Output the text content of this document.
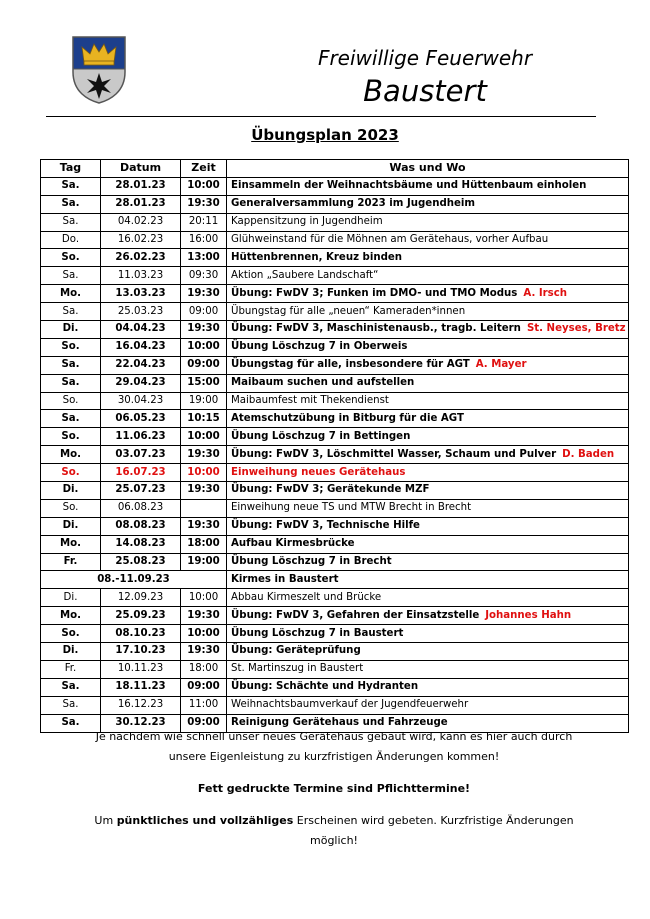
Freiwillige Feuerwehr
Baustert
Übungsplan 2023
Tag	Datum	Zeit	Was und Wo
Sa.	28.01.23	10:00	Einsammeln der Weihnachtsbäume und Hüttenbaum einholen
Sa.	28.01.23	19:30	Generalversammlung 2023 im Jugendheim
Sa.	04.02.23	20:11	Kappensitzung in Jugendheim
Do.	16.02.23	16:00	Glühweinstand für die Möhnen am Gerätehaus, vorher Aufbau
So.	26.02.23	13:00	Hüttenbrennen, Kreuz binden
Sa.	11.03.23	09:30	Aktion „Saubere Landschaft“
Mo.	13.03.23	19:30	Übung: FwDV 3; Funken im DMO- und TMO Modus A. Irsch
Sa.	25.03.23	09:00	Übungstag für alle „neuen“ Kameraden*innen
Di.	04.04.23	19:30	Übung: FwDV 3, Maschinistenausb., tragb. Leitern St. Neyses, Bretz
So.	16.04.23	10:00	Übung Löschzug 7 in Oberweis
Sa.	22.04.23	09:00	Übungstag für alle, insbesondere für AGT A. Mayer
Sa.	29.04.23	15:00	Maibaum suchen und aufstellen
So.	30.04.23	19:00	Maibaumfest mit Thekendienst
Sa.	06.05.23	10:15	Atemschutzübung in Bitburg für die AGT
So.	11.06.23	10:00	Übung Löschzug 7 in Bettingen
Mo.	03.07.23	19:30	Übung: FwDV 3, Löschmittel Wasser, Schaum und Pulver D. Baden
So.	16.07.23	10:00	Einweihung neues Gerätehaus
Di.	25.07.23	19:30	Übung: FwDV 3; Gerätekunde MZF
So.	06.08.23		Einweihung neue TS und MTW Brecht in Brecht
Di.	08.08.23	19:30	Übung: FwDV 3, Technische Hilfe
Mo.	14.08.23	18:00	Aufbau Kirmesbrücke
Fr.	25.08.23	19:00	Übung Löschzug 7 in Brecht
08.-11.09.23			Kirmes in Baustert
Di.	12.09.23	10:00	Abbau Kirmeszelt und Brücke
Mo.	25.09.23	19:30	Übung: FwDV 3, Gefahren der Einsatzstelle Johannes Hahn
So.	08.10.23	10:00	Übung Löschzug 7 in Baustert
Di.	17.10.23	19:30	Übung: Geräteprüfung
Fr.	10.11.23	18:00	St. Martinszug in Baustert
Sa.	18.11.23	09:00	Übung: Schächte und Hydranten
Sa.	16.12.23	11:00	Weihnachtsbaumverkauf der Jugendfeuerwehr
Sa.	30.12.23	09:00	Reinigung Gerätehaus und Fahrzeuge

Je nachdem wie schnell unser neues Gerätehaus gebaut wird, kann es hier auch durch
unsere Eigenleistung zu kurzfristigen Änderungen kommen!

Fett gedruckte Termine sind Pflichttermine!

Um pünktliches und vollzähliges Erscheinen wird gebeten. Kurzfristige Änderungen
möglich!
